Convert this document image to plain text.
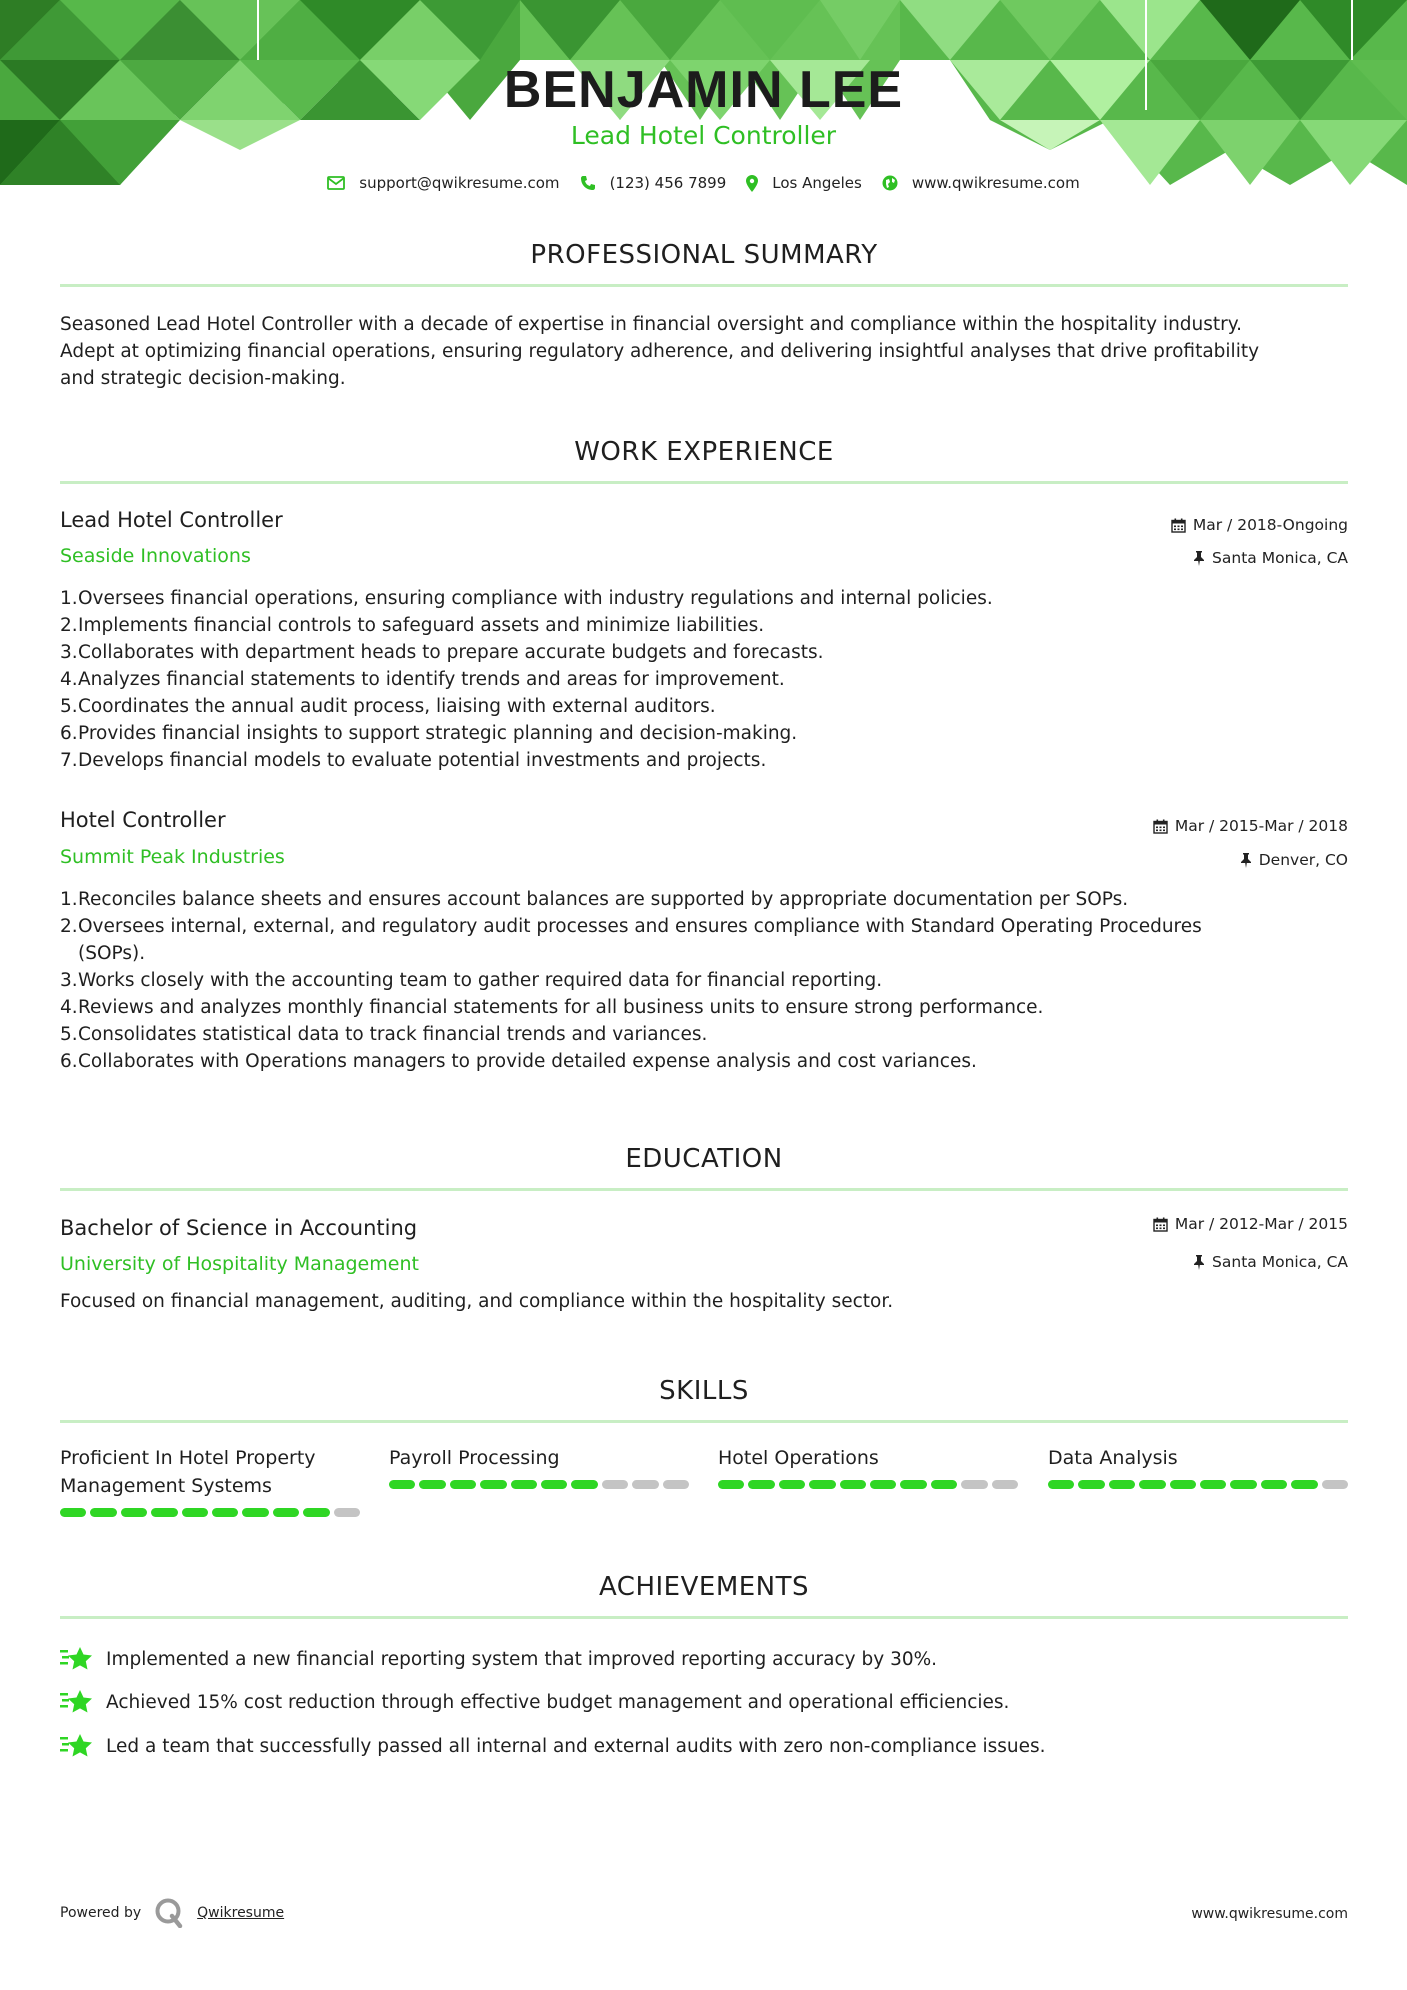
BENJAMIN LEE
Lead Hotel Controller
support@qwikresume.com	(123) 456 7899	Los Angeles	www.qwikresume.com
PROFESSIONAL SUMMARY
Seasoned Lead Hotel Controller with a decade of expertise in financial oversight and compliance within the hospitality industry.
Adept at optimizing financial operations, ensuring regulatory adherence, and delivering insightful analyses that drive profitability
and strategic decision-making.
WORK EXPERIENCE
Lead Hotel Controller	Mar / 2018-Ongoing
Seaside Innovations	Santa Monica, CA
1. Oversees financial operations, ensuring compliance with industry regulations and internal policies.
2. Implements financial controls to safeguard assets and minimize liabilities.
3. Collaborates with department heads to prepare accurate budgets and forecasts.
4. Analyzes financial statements to identify trends and areas for improvement.
5. Coordinates the annual audit process, liaising with external auditors.
6. Provides financial insights to support strategic planning and decision-making.
7. Develops financial models to evaluate potential investments and projects.
Hotel Controller	Mar / 2015-Mar / 2018
Summit Peak Industries	Denver, CO
1. Reconciles balance sheets and ensures account balances are supported by appropriate documentation per SOPs.
2. Oversees internal, external, and regulatory audit processes and ensures compliance with Standard Operating Procedures
(SOPs).
3. Works closely with the accounting team to gather required data for financial reporting.
4. Reviews and analyzes monthly financial statements for all business units to ensure strong performance.
5. Consolidates statistical data to track financial trends and variances.
6. Collaborates with Operations managers to provide detailed expense analysis and cost variances.
EDUCATION
Bachelor of Science in Accounting	Mar / 2012-Mar / 2015
University of Hospitality Management	Santa Monica, CA
Focused on financial management, auditing, and compliance within the hospitality sector.
SKILLS
Proficient In Hotel Property
Management Systems
Payroll Processing	Hotel Operations	Data Analysis
ACHIEVEMENTS
Implemented a new financial reporting system that improved reporting accuracy by 30%.
Achieved 15% cost reduction through effective budget management and operational efficiencies.
Led a team that successfully passed all internal and external audits with zero non-compliance issues.
Powered by	Qwikresume	www.qwikresume.com
